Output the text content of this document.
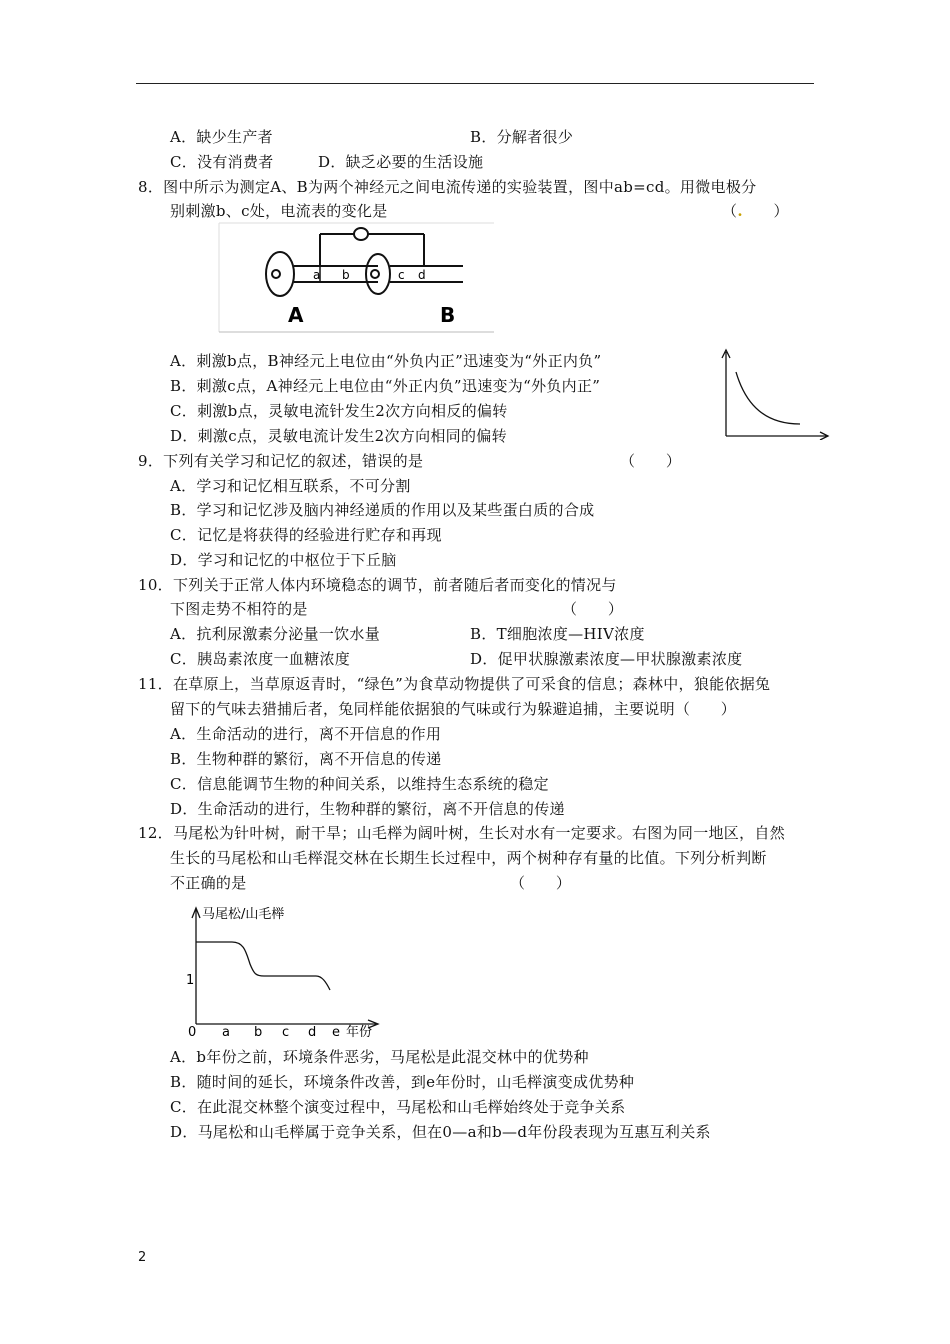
A．缺少生产者	B．分解者很少
C．没有消费者	D．缺乏必要的生活设施
8．图中所示为测定A、B为两个神经元之间电流传递的实验装置，图中ab=cd。用微电极分
别刺激b、c处，电流表的变化是	（.　　）
a b	c d
A	B
A．刺激b点，B神经元上电位由“外负内正”迅速变为“外正内负”
B．刺激c点，A神经元上电位由“外正内负”迅速变为“外负内正”
C．刺激b点，灵敏电流针发生2次方向相反的偏转
D．刺激c点，灵敏电流计发生2次方向相同的偏转
9．下列有关学习和记忆的叙述，错误的是	（　　）
A．学习和记忆相互联系，不可分割
B．学习和记忆涉及脑内神经递质的作用以及某些蛋白质的合成
C．记忆是将获得的经验进行贮存和再现
D．学习和记忆的中枢位于下丘脑
10．下列关于正常人体内环境稳态的调节，前者随后者而变化的情况与
下图走势不相符的是	（　　）
A．抗利尿激素分泌量一饮水量	B．T细胞浓度—HIV浓度
C．胰岛素浓度一血糖浓度	D．促甲状腺激素浓度—甲状腺激素浓度
11．在草原上，当草原返青时，“绿色”为食草动物提供了可采食的信息；森林中，狼能依据兔
留下的气味去猎捕后者，兔同样能依据狼的气味或行为躲避追捕，主要说明（　　）
A．生命活动的进行，离不开信息的作用
B．生物种群的繁衍，离不开信息的传递
C．信息能调节生物的种间关系，以维持生态系统的稳定
D．生命活动的进行，生物种群的繁衍，离不开信息的传递
12．马尾松为针叶树，耐干旱；山毛榉为阔叶树，生长对水有一定要求。右图为同一地区，自然
生长的马尾松和山毛榉混交林在长期生长过程中，两个树种存有量的比值。下列分析判断
不正确的是	（　　）
马尾松/山毛榉
1
0 a b c d e 年份
A．b年份之前，环境条件恶劣，马尾松是此混交林中的优势种
B．随时间的延长，环境条件改善，到e年份时，山毛榉演变成优势种
C．在此混交林整个演变过程中，马尾松和山毛榉始终处于竞争关系
D．马尾松和山毛榉属于竞争关系，但在0—a和b—d年份段表现为互惠互利关系
2
